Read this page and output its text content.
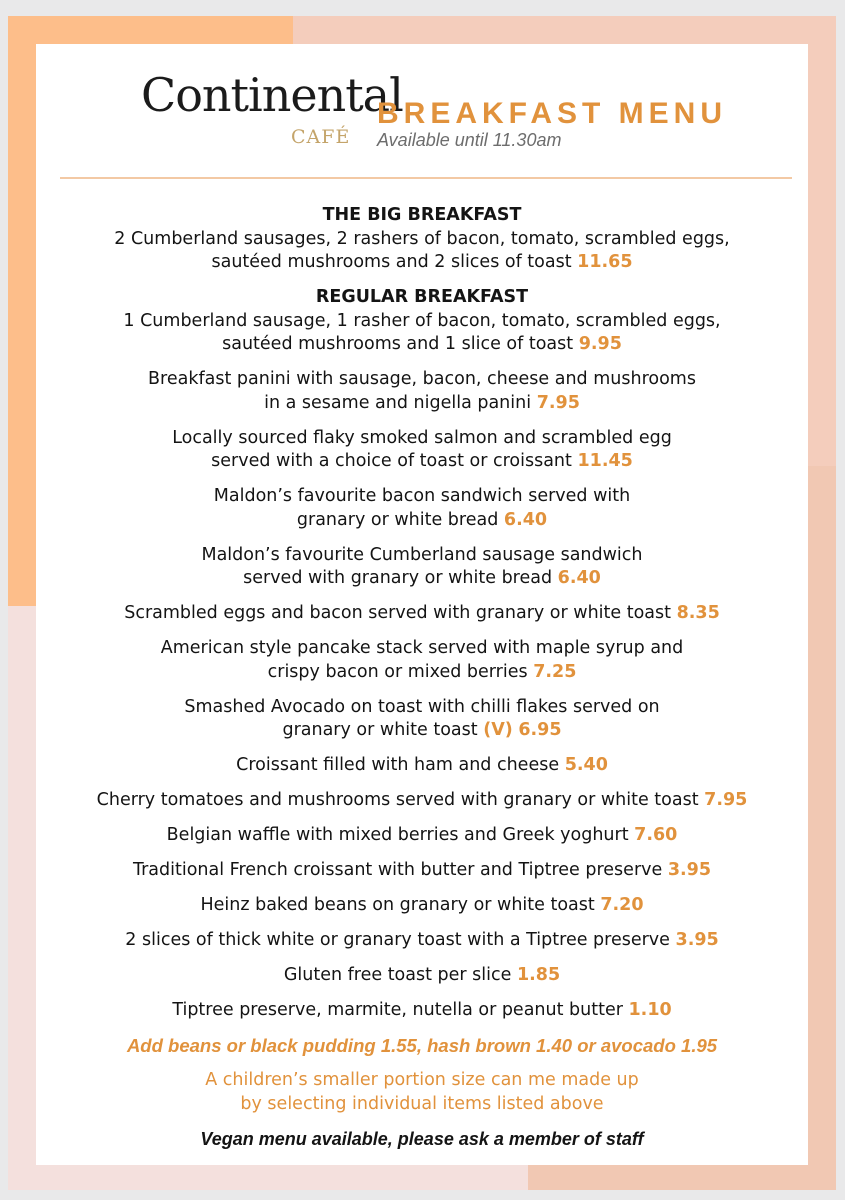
Continental
CAFÉ
BREAKFAST MENU
Available until 11.30am
THE BIG BREAKFAST
2 Cumberland sausages, 2 rashers of bacon, tomato, scrambled eggs,
sautéed mushrooms and 2 slices of toast 11.65
REGULAR BREAKFAST
1 Cumberland sausage, 1 rasher of bacon, tomato, scrambled eggs,
sautéed mushrooms and 1 slice of toast 9.95
Breakfast panini with sausage, bacon, cheese and mushrooms
in a sesame and nigella panini 7.95
Locally sourced flaky smoked salmon and scrambled egg
served with a choice of toast or croissant 11.45
Maldon’s favourite bacon sandwich served with
granary or white bread 6.40
Maldon’s favourite Cumberland sausage sandwich
served with granary or white bread 6.40
Scrambled eggs and bacon served with granary or white toast 8.35
American style pancake stack served with maple syrup and
crispy bacon or mixed berries 7.25
Smashed Avocado on toast with chilli flakes served on
granary or white toast (V) 6.95
Croissant filled with ham and cheese 5.40
Cherry tomatoes and mushrooms served with granary or white toast 7.95
Belgian waffle with mixed berries and Greek yoghurt 7.60
Traditional French croissant with butter and Tiptree preserve 3.95
Heinz baked beans on granary or white toast 7.20
2 slices of thick white or granary toast with a Tiptree preserve 3.95
Gluten free toast per slice 1.85
Tiptree preserve, marmite, nutella or peanut butter 1.10
Add beans or black pudding 1.55, hash brown 1.40 or avocado 1.95
A children’s smaller portion size can me made up
by selecting individual items listed above
Vegan menu available, please ask a member of staff
